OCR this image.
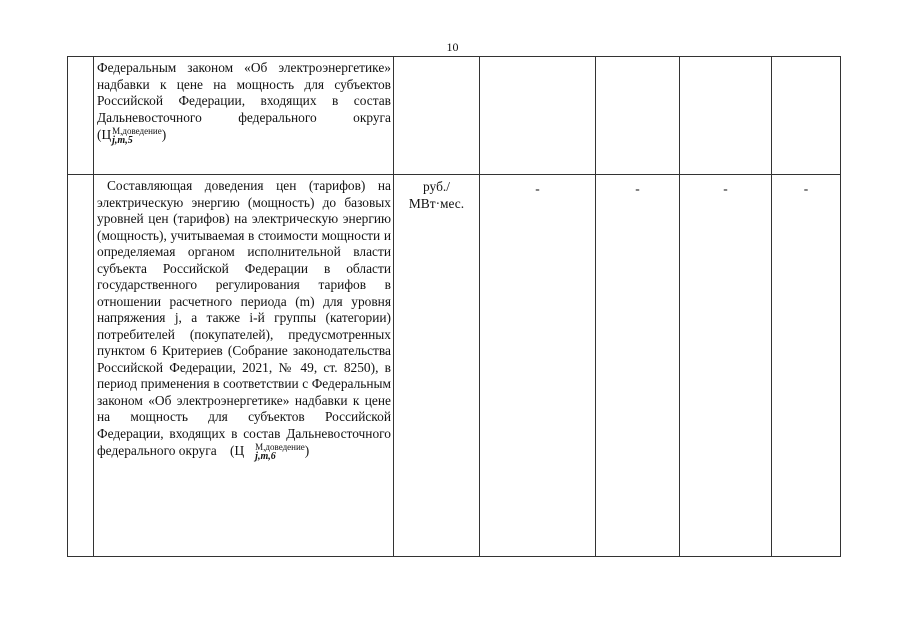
10

	Федеральным законом «Об электроэнергетике» надбавки к цене на мощность для субъектов Российской Федерации, входящих в состав Дальневосточного федерального округа (Ц М,доведение
j,m,5 )					

	Составляющая доведения цен (тарифов) на электрическую энергию (мощность) до базовых уровней цен (тарифов) на электрическую энергию (мощность), учитываемая в стоимости мощности и определяемая органом исполнительной власти субъекта Российской Федерации в области государственного регулирования тарифов в отношении расчетного периода (m) для уровня напряжения j, а также i-й группы (категории) потребителей (покупателей), предусмотренных пунктом 6 Критериев (Собрание законодательства Российской Федерации, 2021, № 49, ст. 8250), в период применения в соответствии с Федеральным законом «Об электроэнергетике» надбавки к цене на мощность для субъектов Российской Федерации, входящих в состав Дальневосточного федерального округа (Ц М,доведение
j,m,6 )	руб./ МВт·мес.	-	-	-	-
